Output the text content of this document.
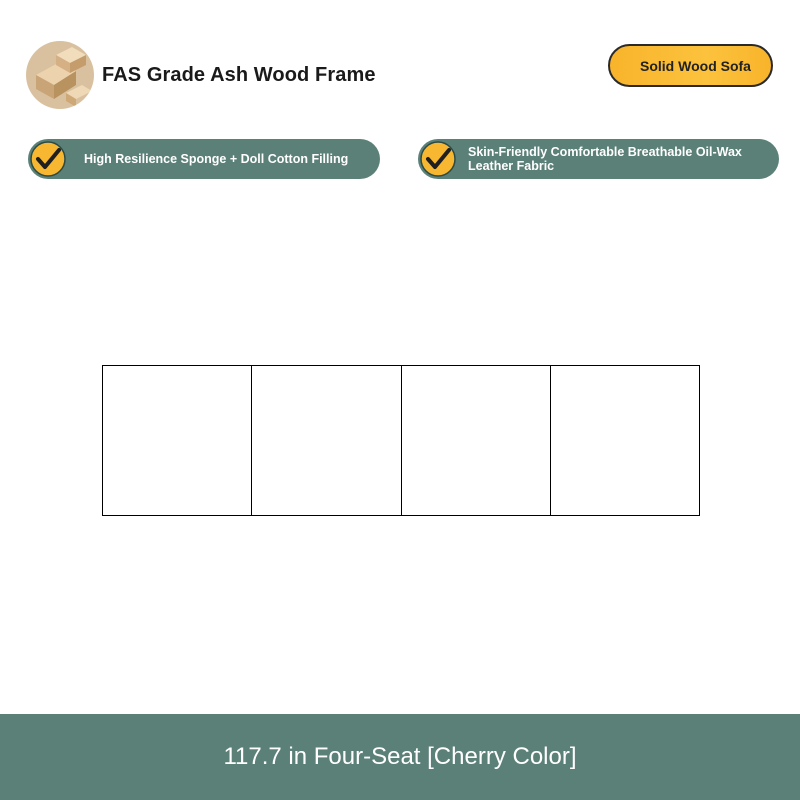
FAS Grade Ash Wood Frame	Solid Wood Sofa
High Resilience Sponge + Doll Cotton Filling	Skin-Friendly Comfortable Breathable Oil-Wax Leather Fabric
117.7 in Four-Seat [Cherry Color]
